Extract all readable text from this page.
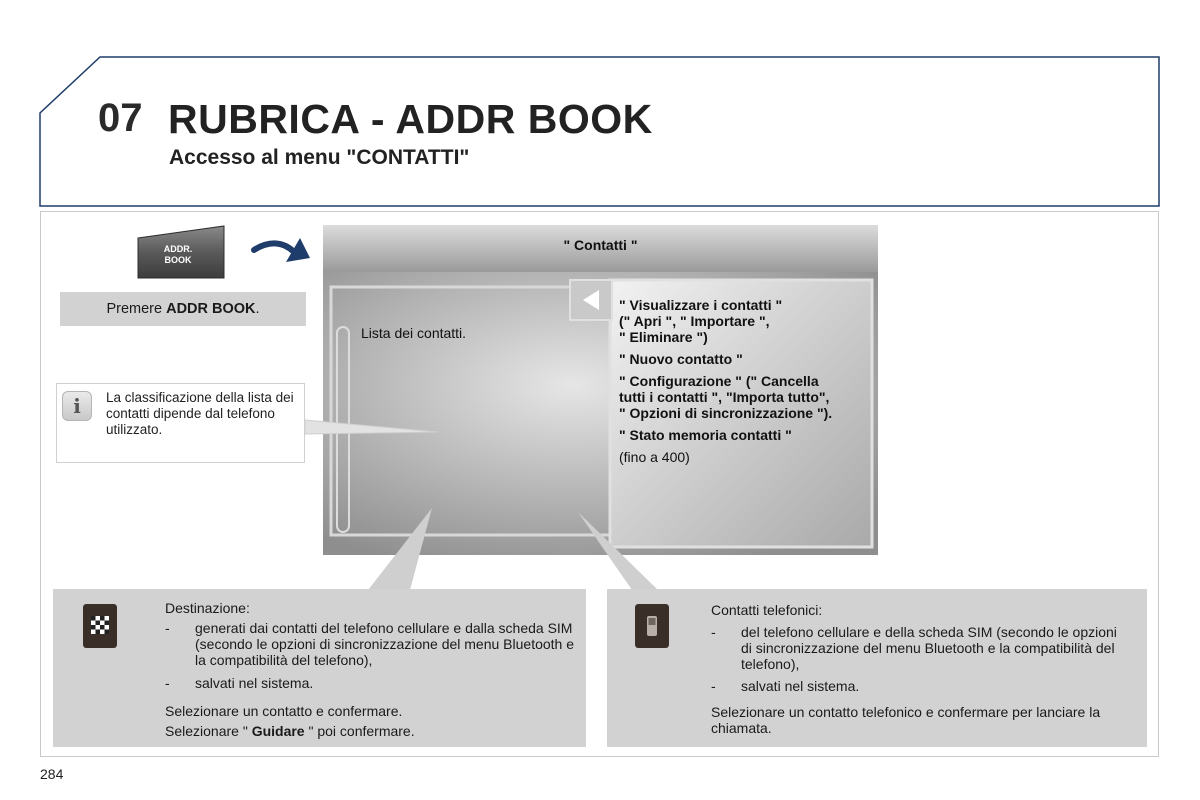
07 RUBRICA - ADDR BOOK
Accesso al menu "CONTATTI"
ADDR.
BOOK
Premere ADDR BOOK.
i	La classificazione della lista dei contatti dipende dal telefono utilizzato.
" Contatti "
Lista dei contatti.

" Visualizzare i contatti "
(" Apri ", " Importare ",
" Eliminare ")

" Nuovo contatto "

" Configurazione " (" Cancella
tutti i contatti ", "Importa tutto",
" Opzioni di sincronizzazione ").

" Stato memoria contatti "

(fino a 400)

Destinazione:

- generati dai contatti del telefono cellulare e dalla scheda SIM (secondo le opzioni di sincronizzazione del menu Bluetooth e la compatibilità del telefono),

- salvati nel sistema.

Selezionare un contatto e confermare.

Selezionare " Guidare " poi confermare.

Contatti telefonici:

- del telefono cellulare e della scheda SIM (secondo le opzioni di sincronizzazione del menu Bluetooth e la compatibilità del telefono),

- salvati nel sistema.

Selezionare un contatto telefonico e confermare per lanciare la chiamata.

284
